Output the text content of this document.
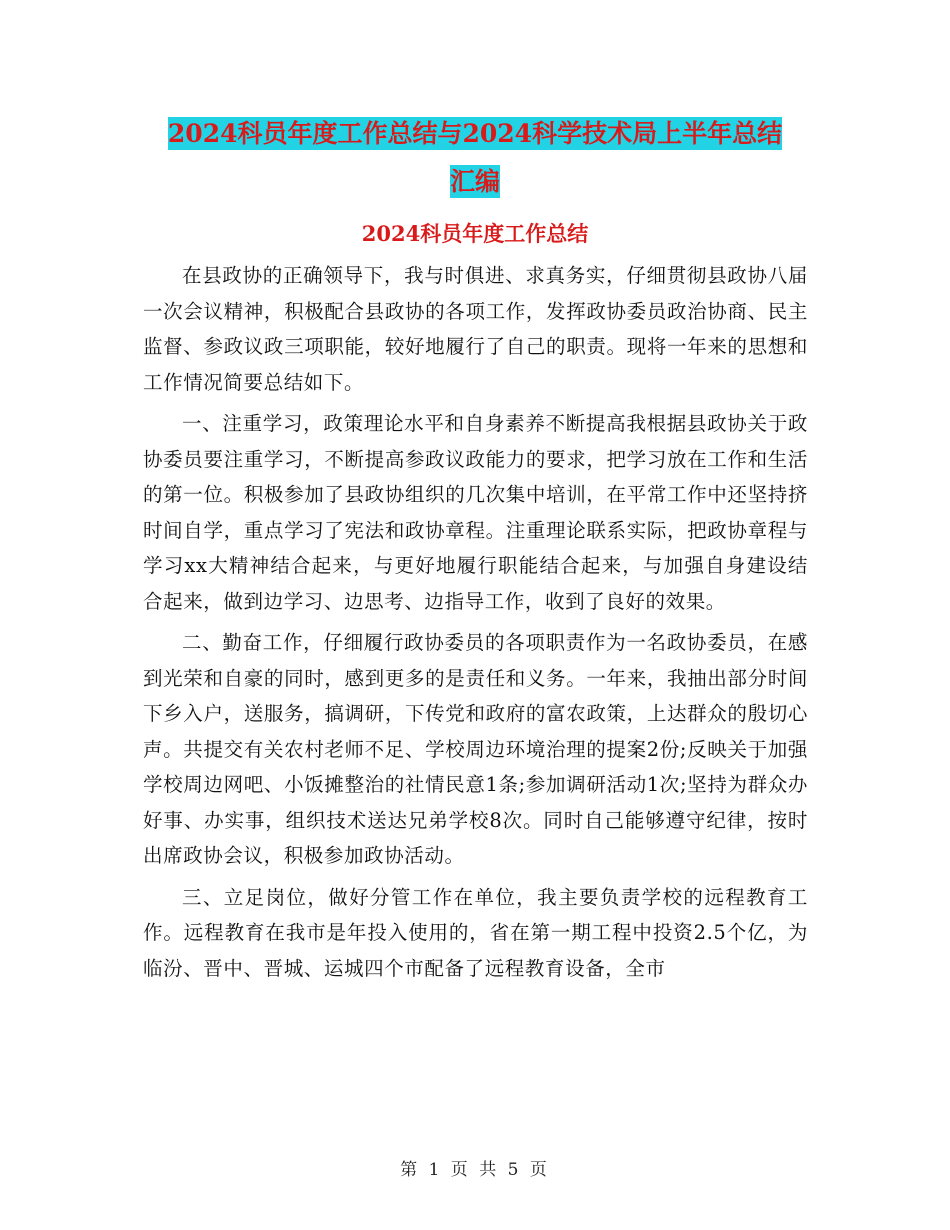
2024科员年度工作总结与2024科学技术局上半年总结
汇编
2024科员年度工作总结

在县政协的正确领导下，我与时俱进、求真务实，仔细贯彻县政协八届一次会议精神，积极配合县政协的各项工作，发挥政协委员政治协商、民主监督、参政议政三项职能，较好地履行了自己的职责。现将一年来的思想和工作情况简要总结如下。

一、注重学习，政策理论水平和自身素养不断提高我根据县政协关于政协委员要注重学习，不断提高参政议政能力的要求，把学习放在工作和生活的第一位。积极参加了县政协组织的几次集中培训，在平常工作中还坚持挤时间自学，重点学习了宪法和政协章程。注重理论联系实际，把政协章程与学习xx大精神结合起来，与更好地履行职能结合起来，与加强自身建设结合起来，做到边学习、边思考、边指导工作，收到了良好的效果。

二、勤奋工作，仔细履行政协委员的各项职责作为一名政协委员，在感到光荣和自豪的同时，感到更多的是责任和义务。一年来，我抽出部分时间下乡入户，送服务，搞调研，下传党和政府的富农政策，上达群众的殷切心声。共提交有关农村老师不足、学校周边环境治理的提案2份;反映关于加强学校周边网吧、小饭摊整治的社情民意1条;参加调研活动1次;坚持为群众办好事、办实事，组织技术送达兄弟学校8次。同时自己能够遵守纪律，按时出席政协会议，积极参加政协活动。

三、立足岗位，做好分管工作在单位，我主要负责学校的远程教育工作。远程教育在我市是年投入使用的，省在第一期工程中投资2.5个亿，为临汾、晋中、晋城、运城四个市配备了远程教育设备，全市

第 1 页 共 5 页
